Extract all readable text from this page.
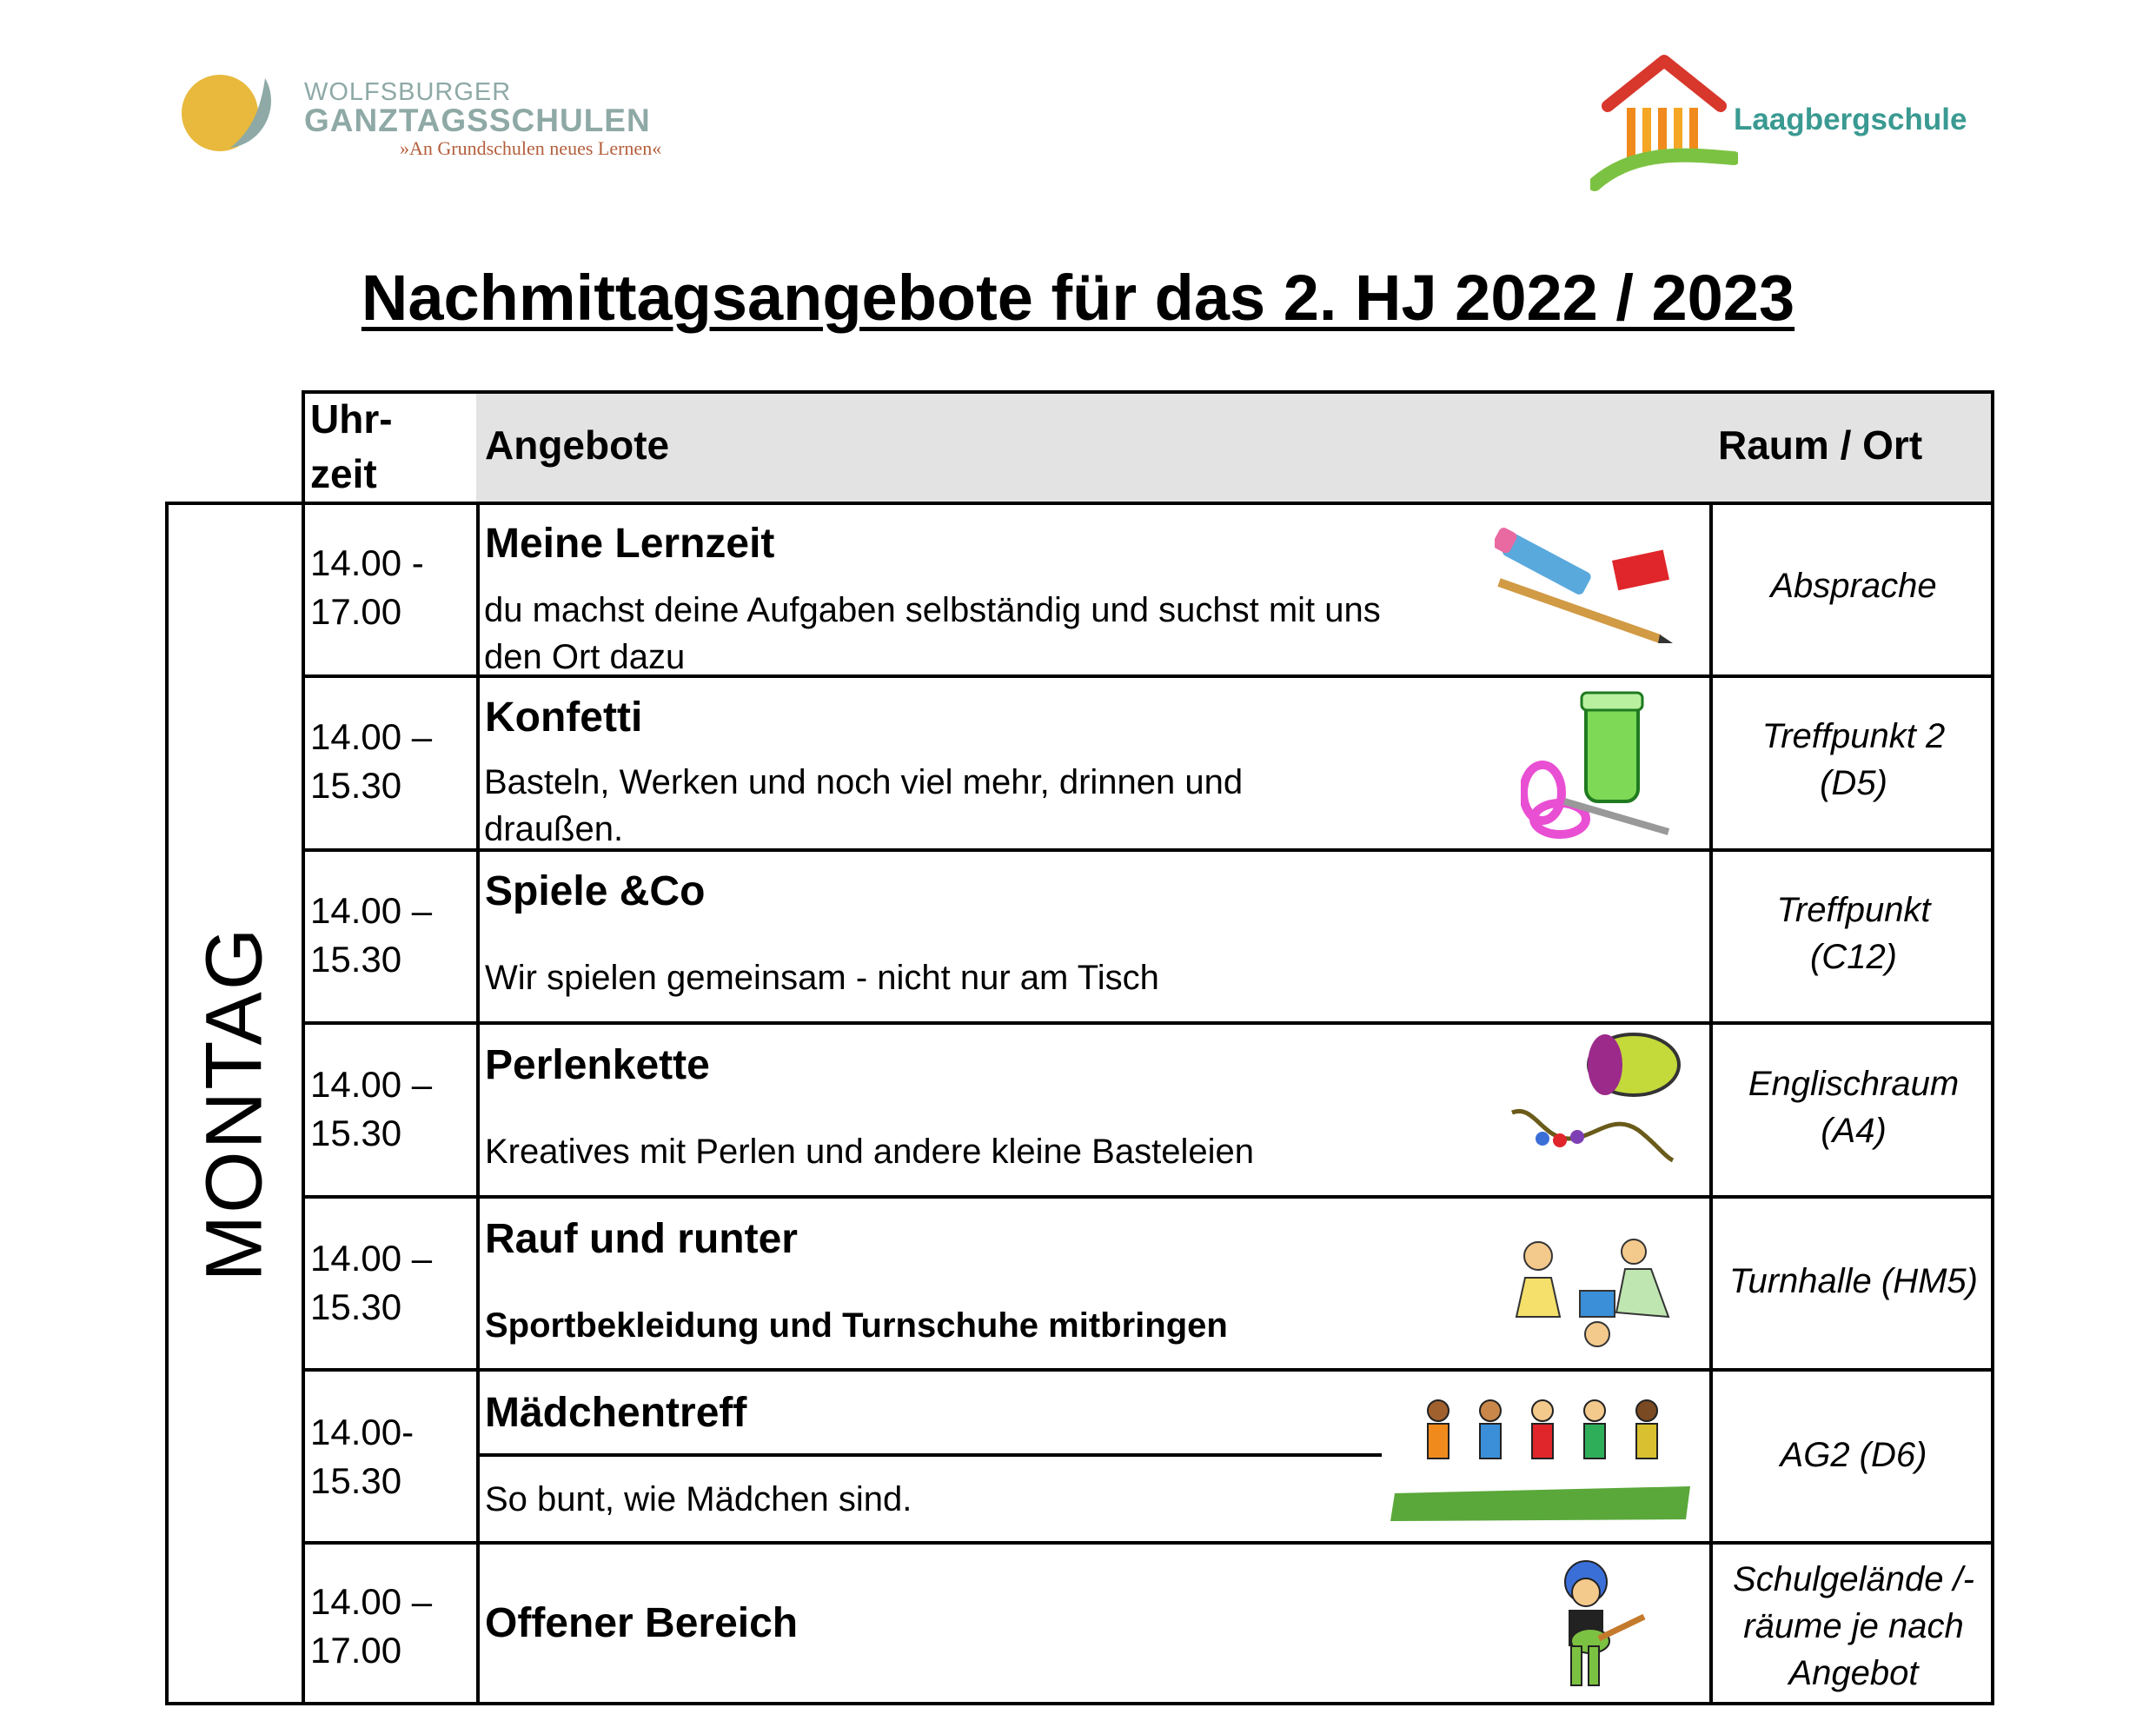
WOLFSBURGER
GANZTAGSSCHULEN
»An Grundschulen neues Lernen«
Laagbergschule
Nachmittagsangebote für das 2. HJ 2022 / 2023
Uhr-
zeit
Angebote	Raum / Ort
MONTAG
14.00 -
17.00
Meine Lernzeit
du machst deine Aufgaben selbständig und suchst mit uns
den Ort dazu
Absprache
14.00 –
15.30
Konfetti
Basteln, Werken und noch viel mehr, drinnen und
draußen.
Treffpunkt 2
(D5)
14.00 –
15.30
Spiele &Co
Wir spielen gemeinsam - nicht nur am Tisch
Treffpunkt
(C12)
14.00 –
15.30
Perlenkette
Kreatives mit Perlen und andere kleine Basteleien
Englischraum
(A4)
14.00 –
15.30
Rauf und runter
Sportbekleidung und Turnschuhe mitbringen
Turnhalle (HM5)
14.00-
15.30
Mädchentreff
So bunt, wie Mädchen sind.
AG2 (D6)
14.00 –
17.00
Offener Bereich
Schulgelände /-
räume je nach
Angebot
